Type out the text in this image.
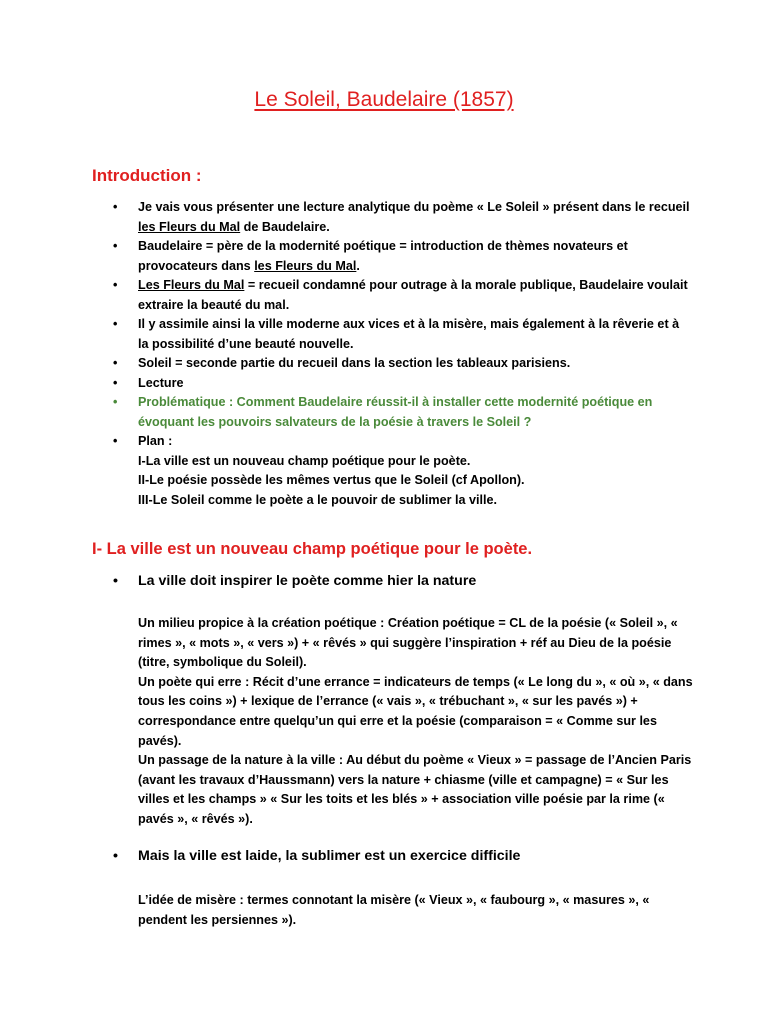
Le Soleil, Baudelaire (1857)
Introduction :
• Je vais vous présenter une lecture analytique du poème « Le Soleil » présent dans le recueil les Fleurs du Mal de Baudelaire.
• Baudelaire = père de la modernité poétique = introduction de thèmes novateurs et provocateurs dans les Fleurs du Mal.
• Les Fleurs du Mal = recueil condamné pour outrage à la morale publique, Baudelaire voulait extraire la beauté du mal.
• Il y assimile ainsi la ville moderne aux vices et à la misère, mais également à la rêverie et à la possibilité d’une beauté nouvelle.
• Soleil = seconde partie du recueil dans la section les tableaux parisiens.
• Lecture
• Problématique : Comment Baudelaire réussit-il à installer cette modernité poétique en évoquant les pouvoirs salvateurs de la poésie à travers le Soleil ?
• Plan :
I-La ville est un nouveau champ poétique pour le poète.
II-Le poésie possède les mêmes vertus que le Soleil (cf Apollon).
III-Le Soleil comme le poète a le pouvoir de sublimer la ville.
I- La ville est un nouveau champ poétique pour le poète.
• La ville doit inspirer le poète comme hier la nature

Un milieu propice à la création poétique : Création poétique = CL de la poésie (« Soleil », « rimes », « mots », « vers ») + « rêvés » qui suggère l’inspiration + réf au Dieu de la poésie (titre, symbolique du Soleil).

Un poète qui erre : Récit d’une errance = indicateurs de temps (« Le long du », « où », « dans tous les coins ») + lexique de l’errance (« vais », « trébuchant », « sur les pavés ») + correspondance entre quelqu’un qui erre et la poésie (comparaison = « Comme sur les pavés).

Un passage de la nature à la ville : Au début du poème « Vieux » = passage de l’Ancien Paris (avant les travaux d’Haussmann) vers la nature + chiasme (ville et campagne) = « Sur les villes et les champs » « Sur les toits et les blés » + association ville poésie par la rime (« pavés », « rêvés »).

• Mais la ville est laide, la sublimer est un exercice difficile

L’idée de misère : termes connotant la misère (« Vieux », « faubourg », « masures », « pendent les persiennes »).
